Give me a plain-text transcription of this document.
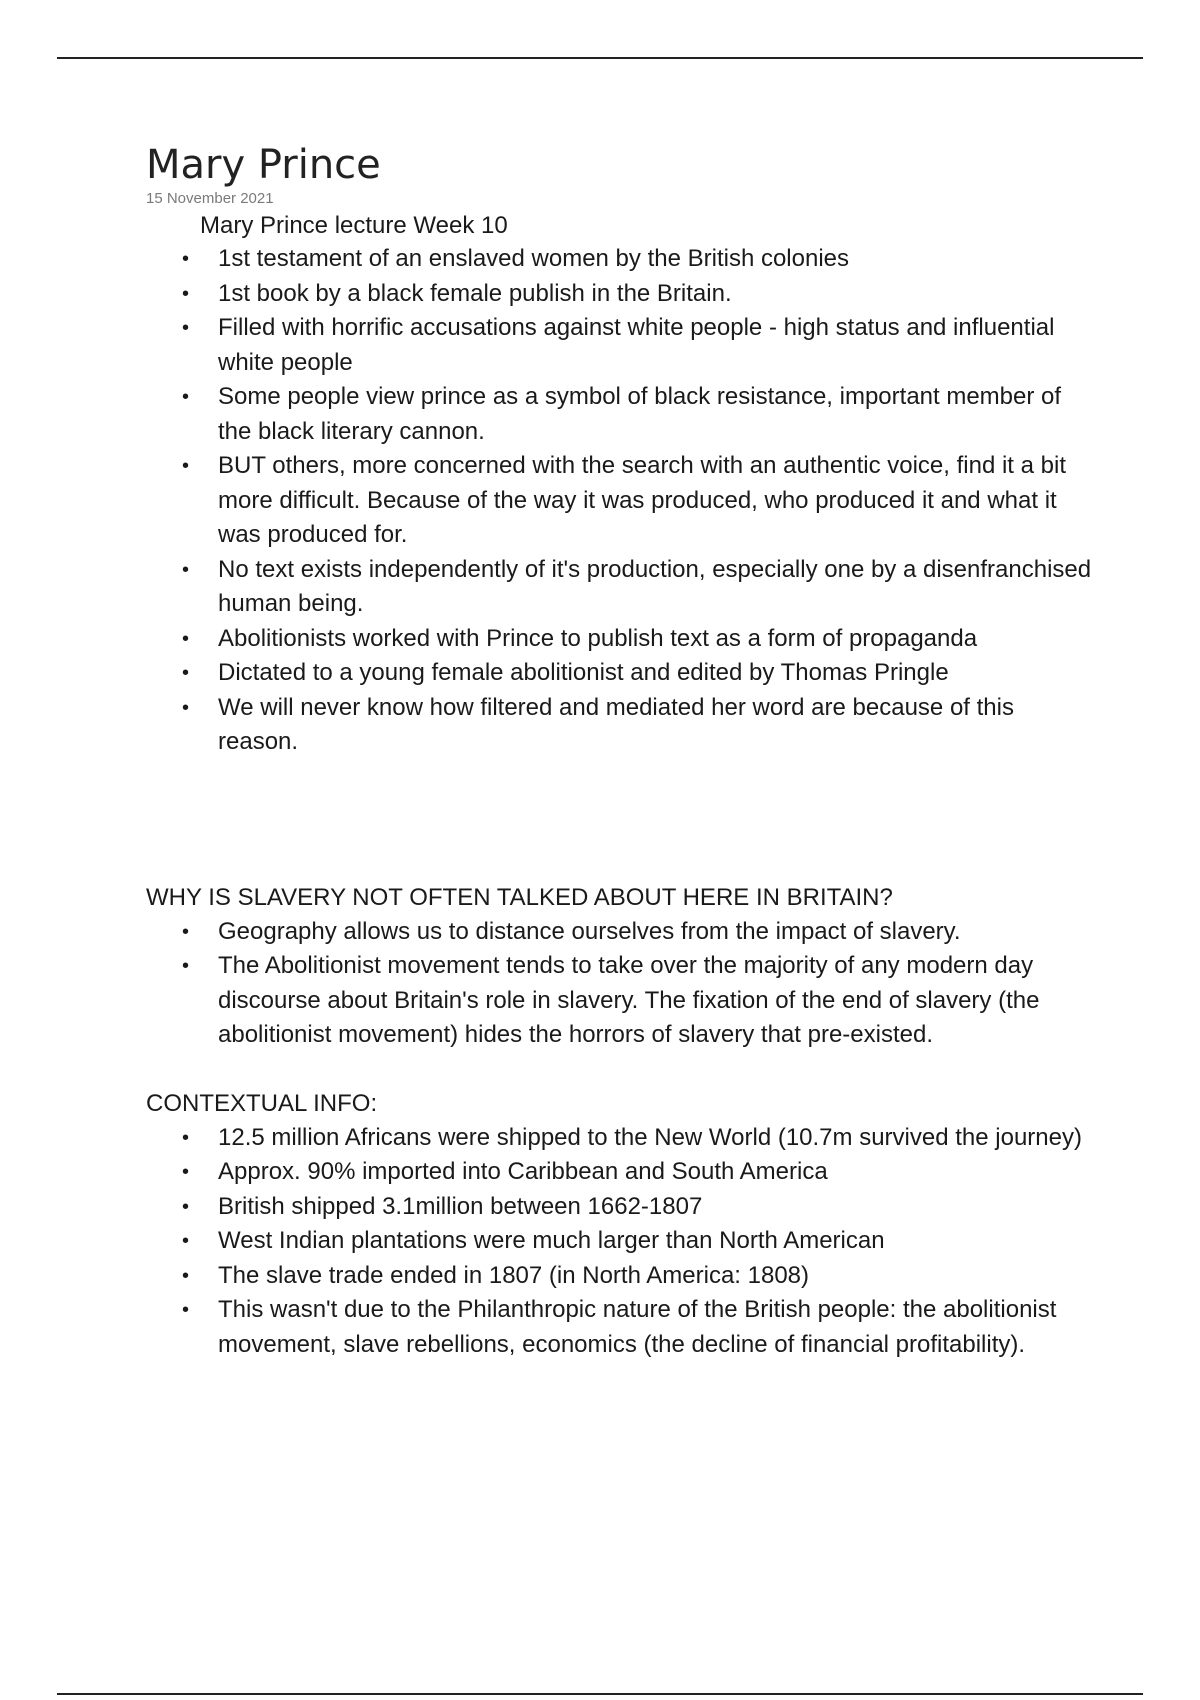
Mary Prince

15 November 2021

Mary Prince lecture Week 10

• 1st testament of an enslaved women by the British colonies
• 1st book by a black female publish in the Britain.
• Filled with horrific accusations against white people - high status and influential white people
• Some people view prince as a symbol of black resistance, important member of the black literary cannon.
• BUT others, more concerned with the search with an authentic voice, find it a bit more difficult. Because of the way it was produced, who produced it and what it was produced for.
• No text exists independently of it's production, especially one by a disenfranchised human being.
• Abolitionists worked with Prince to publish text as a form of propaganda
• Dictated to a young female abolitionist and edited by Thomas Pringle
• We will never know how filtered and mediated her word are because of this reason.

WHY IS SLAVERY NOT OFTEN TALKED ABOUT HERE IN BRITAIN?

• Geography allows us to distance ourselves from the impact of slavery.
• The Abolitionist movement tends to take over the majority of any modern day discourse about Britain's role in slavery. The fixation of the end of slavery (the abolitionist movement) hides the horrors of slavery that pre-existed.

CONTEXTUAL INFO:

• 12.5 million Africans were shipped to the New World (10.7m survived the journey)
• Approx. 90% imported into Caribbean and South America
• British shipped 3.1million between 1662-1807
• West Indian plantations were much larger than North American
• The slave trade ended in 1807 (in North America: 1808)
• This wasn't due to the Philanthropic nature of the British people: the abolitionist movement, slave rebellions, economics (the decline of financial profitability).
